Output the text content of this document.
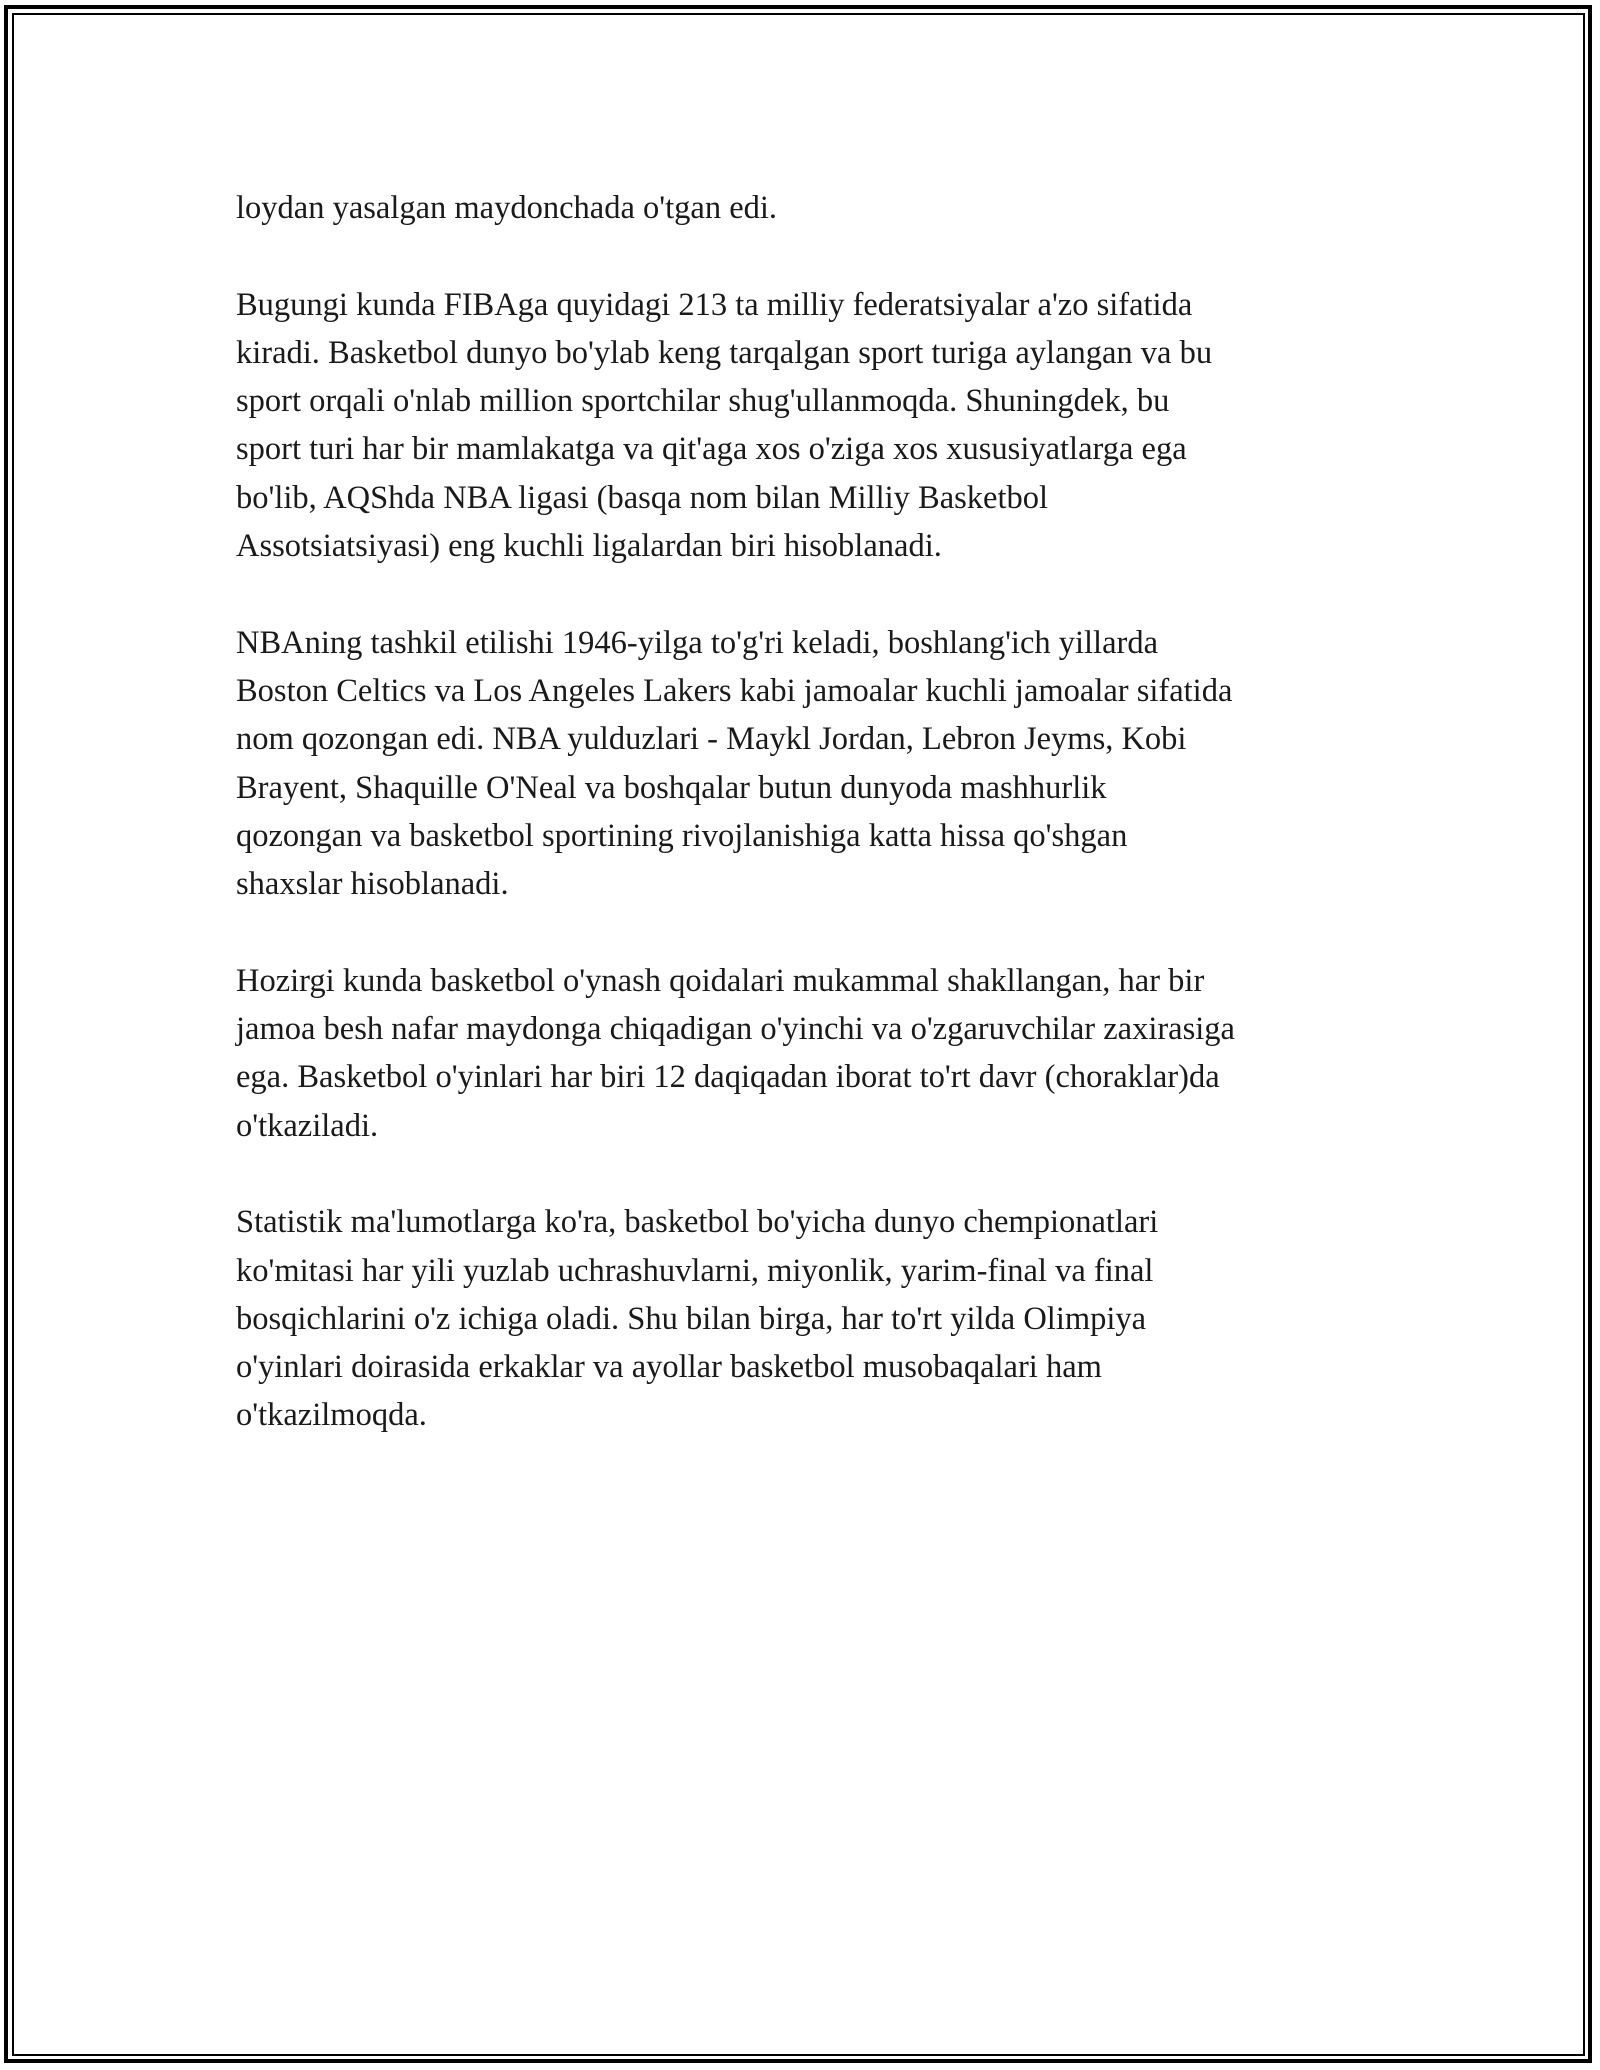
loydan yasalgan maydonchada o'tgan edi.

Bugungi kunda FIBAga quyidagi 213 ta milliy federatsiyalar a'zo sifatida
kiradi. Basketbol dunyo bo'ylab keng tarqalgan sport turiga aylangan va bu
sport orqali o'nlab million sportchilar shug'ullanmoqda. Shuningdek, bu
sport turi har bir mamlakatga va qit'aga xos o'ziga xos xususiyatlarga ega
bo'lib, AQShda NBA ligasi (basqa nom bilan Milliy Basketbol
Assotsiatsiyasi) eng kuchli ligalardan biri hisoblanadi.

NBAning tashkil etilishi 1946-yilga to'g'ri keladi, boshlang'ich yillarda
Boston Celtics va Los Angeles Lakers kabi jamoalar kuchli jamoalar sifatida
nom qozongan edi. NBA yulduzlari - Maykl Jordan, Lebron Jeyms, Kobi
Brayent, Shaquille O'Neal va boshqalar butun dunyoda mashhurlik
qozongan va basketbol sportining rivojlanishiga katta hissa qo'shgan
shaxslar hisoblanadi.

Hozirgi kunda basketbol o'ynash qoidalari mukammal shakllangan, har bir
jamoa besh nafar maydonga chiqadigan o'yinchi va o'zgaruvchilar zaxirasiga
ega. Basketbol o'yinlari har biri 12 daqiqadan iborat to'rt davr (choraklar)da
o'tkaziladi.

Statistik ma'lumotlarga ko'ra, basketbol bo'yicha dunyo chempionatlari
ko'mitasi har yili yuzlab uchrashuvlarni, miyonlik, yarim-final va final
bosqichlarini o'z ichiga oladi. Shu bilan birga, har to'rt yilda Olimpiya
o'yinlari doirasida erkaklar va ayollar basketbol musobaqalari ham
o'tkazilmoqda.
